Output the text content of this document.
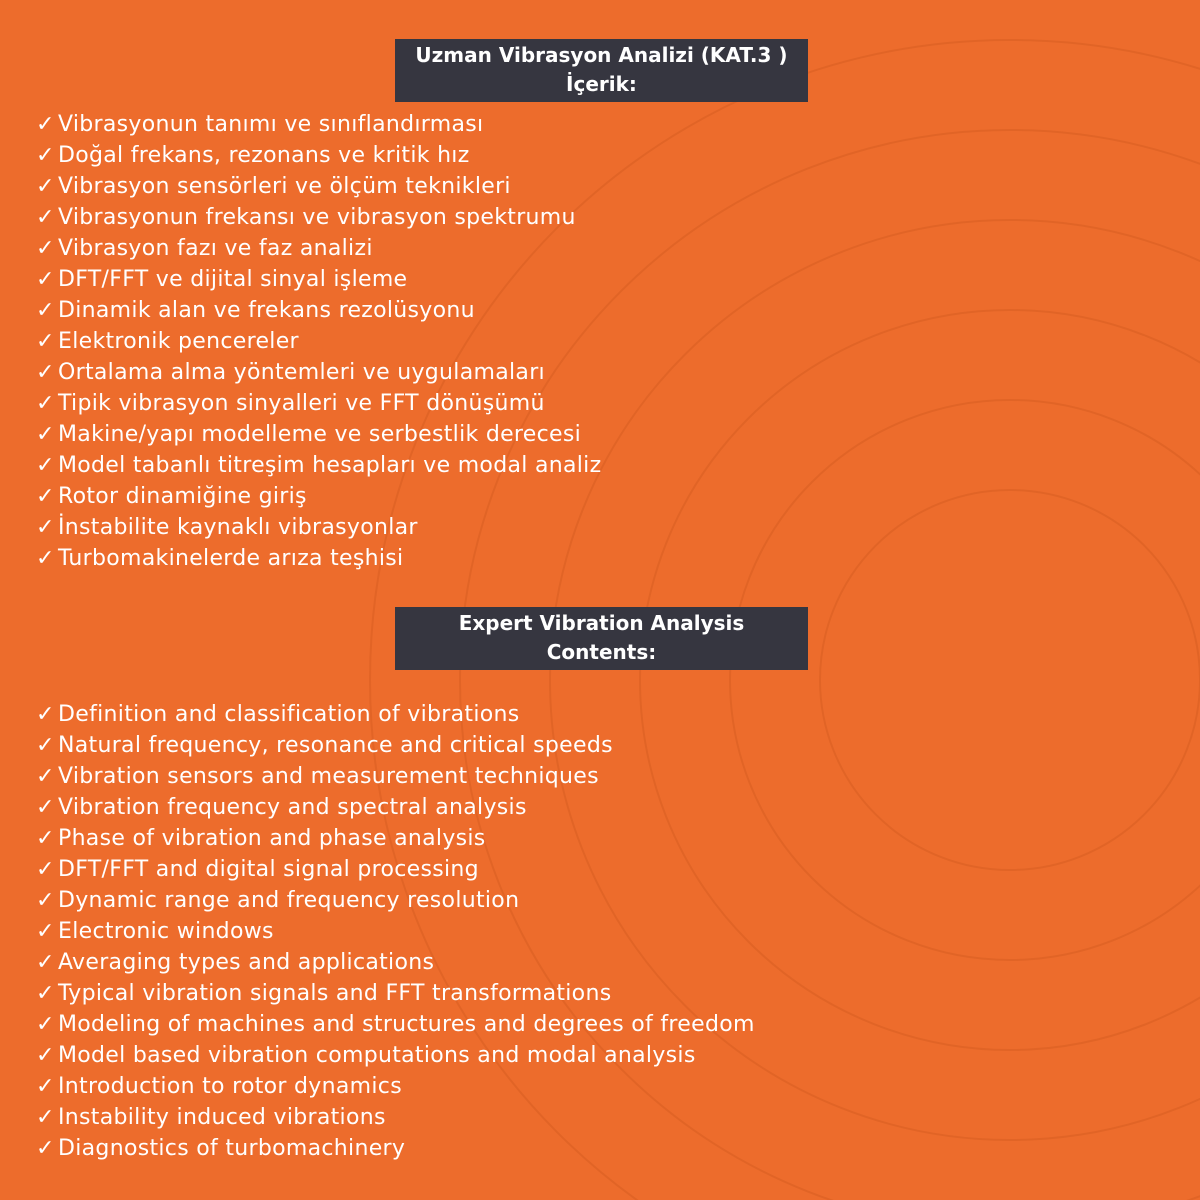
Uzman Vibrasyon Analizi (KAT.3 )
İçerik:
✓ Vibrasyonun tanımı ve sınıflandırması
✓ Doğal frekans, rezonans ve kritik hız
✓ Vibrasyon sensörleri ve ölçüm teknikleri
✓ Vibrasyonun frekansı ve vibrasyon spektrumu
✓ Vibrasyon fazı ve faz analizi
✓ DFT/FFT ve dijital sinyal işleme
✓ Dinamik alan ve frekans rezolüsyonu
✓ Elektronik pencereler
✓ Ortalama alma yöntemleri ve uygulamaları
✓ Tipik vibrasyon sinyalleri ve FFT dönüşümü
✓ Makine/yapı modelleme ve serbestlik derecesi
✓ Model tabanlı titreşim hesapları ve modal analiz
✓ Rotor dinamiğine giriş
✓ İnstabilite kaynaklı vibrasyonlar
✓ Turbomakinelerde arıza teşhisi
Expert Vibration Analysis
Contents:
✓ Definition and classification of vibrations
✓ Natural frequency, resonance and critical speeds
✓ Vibration sensors and measurement techniques
✓ Vibration frequency and spectral analysis
✓ Phase of vibration and phase analysis
✓ DFT/FFT and digital signal processing
✓ Dynamic range and frequency resolution
✓ Electronic windows
✓ Averaging types and applications
✓ Typical vibration signals and FFT transformations
✓ Modeling of machines and structures and degrees of freedom
✓ Model based vibration computations and modal analysis
✓ Introduction to rotor dynamics
✓ Instability induced vibrations
✓ Diagnostics of turbomachinery
